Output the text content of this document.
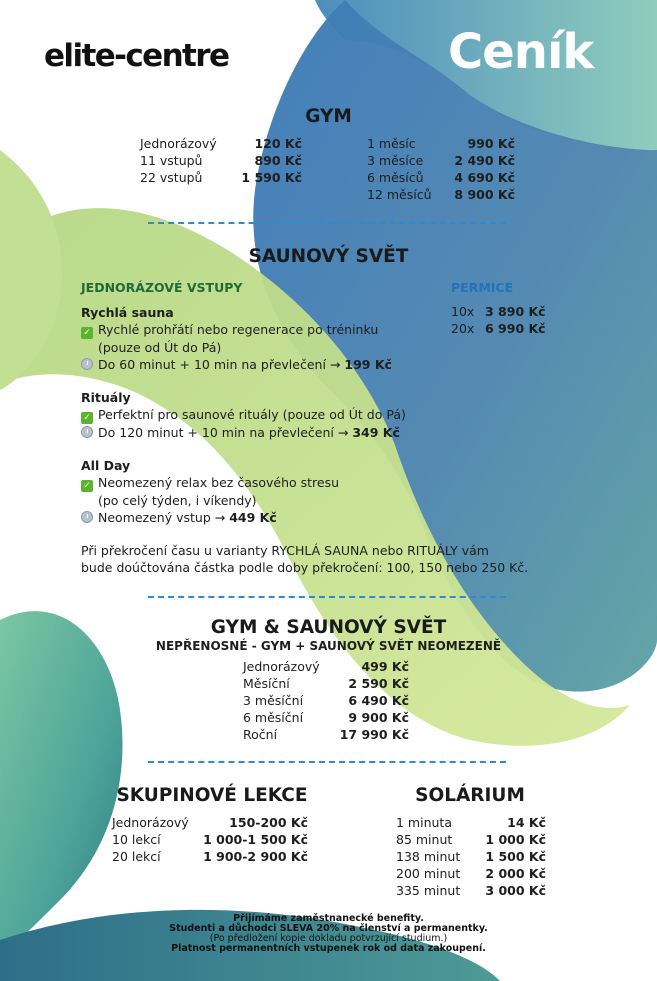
elite-centre	Ceník
GYM
Jednorázový	120 Kč
11 vstupů	890 Kč
22 vstupů	1 590 Kč
1 měsíc	990 Kč
3 měsíce	2 490 Kč
6 měsíců	4 690 Kč
12 měsíců	8 900 Kč
SAUNOVÝ SVĚT
JEDNORÁZOVÉ VSTUPY	PERMICE
10x 3 890 Kč
20x 6 990 Kč
Rychlá sauna
✓ Rychlé prohřátí nebo regenerace po tréninku
(pouze od Út do Pá)
Do 60 minut + 10 min na převlečení → 199 Kč
Rituály
✓ Perfektní pro saunové rituály (pouze od Út do Pá)
Do 120 minut + 10 min na převlečení → 349 Kč
All Day
✓ Neomezený relax bez časového stresu
(po celý týden, i víkendy)
Neomezený vstup → 449 Kč
Při překročení času u varianty RYCHLÁ SAUNA nebo RITUÁLY vám
bude doúčtována částka podle doby překročení: 100, 150 nebo 250 Kč.
GYM & SAUNOVÝ SVĚT
NEPŘENOSNÉ - GYM + SAUNOVÝ SVĚT NEOMEZENĚ
Jednorázový	499 Kč
Měsíční	2 590 Kč
3 měsíční	6 490 Kč
6 měsíční	9 900 Kč
Roční	17 990 Kč
SKUPINOVÉ LEKCE
Jednorázový	150-200 Kč
10 lekcí	1 000-1 500 Kč
20 lekcí	1 900-2 900 Kč
SOLÁRIUM
1 minuta	14 Kč
85 minut	1 000 Kč
138 minut	1 500 Kč
200 minut	2 000 Kč
335 minut	3 000 Kč
Přijímáme zaměstnanecké benefity.
Studenti a důchodci SLEVA 20% na členství a permanentky.
(Po předložení kopie dokladu potvrzující studium.)
Platnost permanentních vstupenek rok od data zakoupení.
